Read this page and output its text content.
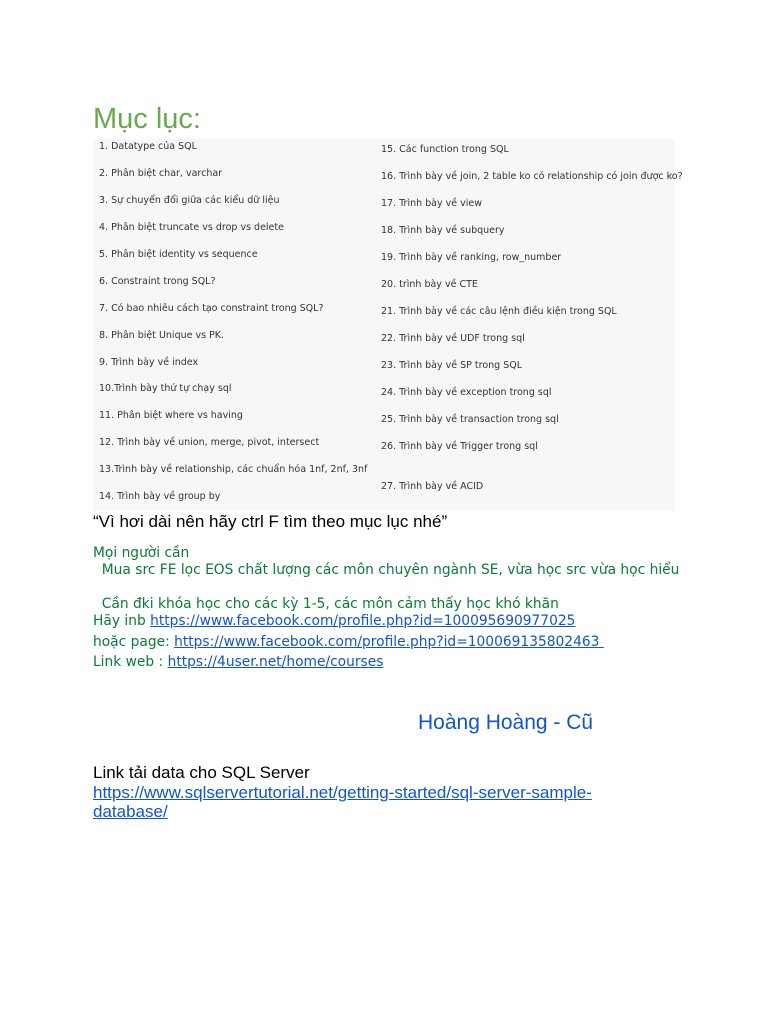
Mục lục:
1. Datatype của SQL
2. Phân biệt char, varchar
3. Sự chuyển đổi giữa các kiểu dữ liệu
4. Phân biệt truncate vs drop vs delete
5. Phân biệt identity vs sequence
6. Constraint trong SQL?
7. Có bao nhiêu cách tạo constraint trong SQL?
8. Phân biệt Unique vs PK.
9. Trình bày về index
10.Trình bày thứ tự chạy sql
11. Phân biệt where vs having
12. Trình bày về union, merge, pivot, intersect
13.Trình bày về relationship, các chuẩn hóa 1nf, 2nf, 3nf
14. Trình bày về group by
15. Các function trong SQL
16. Trình bày về join, 2 table ko có relationship có join được ko?
17. Trình bày về view
18. Trình bày về subquery
19. Trình bày về ranking, row_number
20. trình bày về CTE
21. Trình bày về các câu lệnh điều kiện trong SQL
22. Trình bày về UDF trong sql
23. Trình bày về SP trong SQL
24. Trình bày về exception trong sql
25. Trình bày về transaction trong sql
26. Trình bày về Trigger trong sql
27. Trình bày về ACID
“Vì hơi dài nên hãy ctrl F tìm theo mục lục nhé”
Mọi người cần
Mua src FE lọc EOS chất lượng các môn chuyên ngành SE, vừa học src vừa học hiểu
Cần đki khóa học cho các kỳ 1-5, các môn cảm thấy học khó khăn
Hãy inb https://www.facebook.com/profile.php?id=100095690977025
hoặc page: https://www.facebook.com/profile.php?id=100069135802463
Link web : https://4user.net/home/courses
Hoàng Hoàng - Cũ
Link tải data cho SQL Server
https://www.sqlservertutorial.net/getting-started/sql-server-sample-database/
